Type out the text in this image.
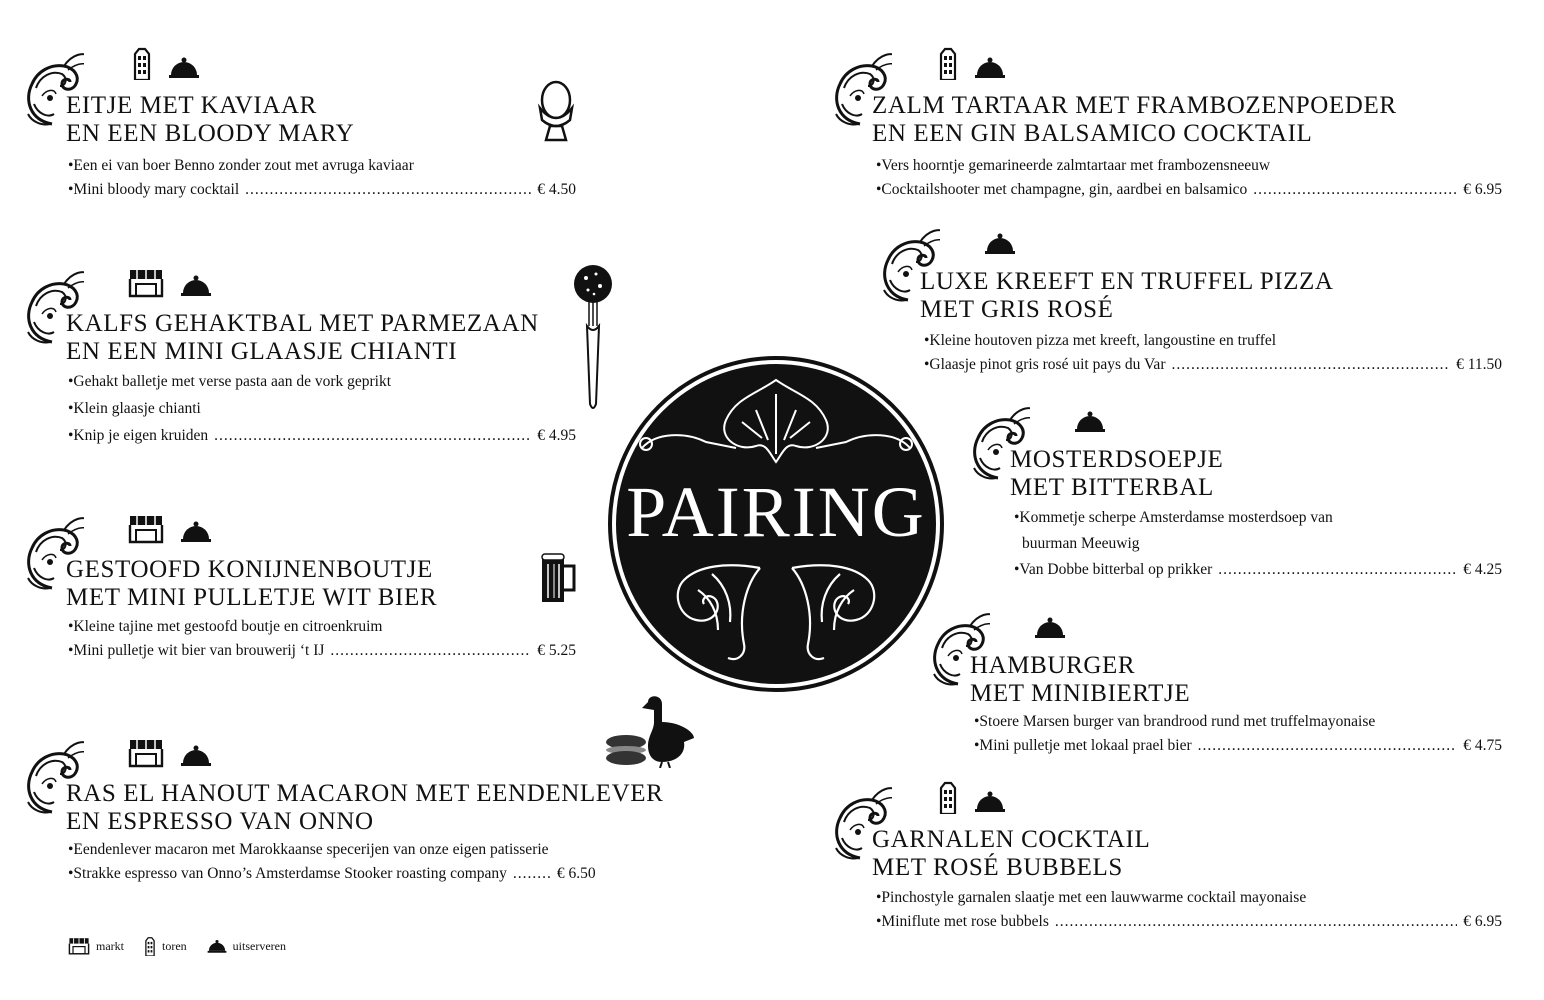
EITJE MET KAVIAAR
EN EEN BLOODY MARY
•Een ei van boer Benno zonder zout met avruga kaviaar
•Mini bloody mary cocktail .....	€ 4.50
KALFS GEHAKTBAL MET PARMEZAAN
EN EEN MINI GLAASJE CHIANTI
•Gehakt balletje met verse pasta aan de vork geprikt
•Klein glaasje chianti
•Knip je eigen kruiden .....	€ 4.95
GESTOOFD KONIJNENBOUTJE
MET MINI PULLETJE WIT BIER
•Kleine tajine met gestoofd boutje en citroenkruim
•Mini pulletje wit bier van brouwerij ‘t IJ .....	€ 5.25
RAS EL HANOUT MACARON MET EENDENLEVER
EN ESPRESSO VAN ONNO
•Eendenlever macaron met Marokkaanse specerijen van onze eigen patisserie
•Strakke espresso van Onno’s Amsterdamse Stooker roasting company .....	€ 6.50
PAIRING
ZALM TARTAAR MET FRAMBOZENPOEDER
EN EEN GIN BALSAMICO COCKTAIL
•Vers hoorntje gemarineerde zalmtartaar met frambozensneeuw
•Cocktailshooter met champagne, gin, aardbei en balsamico .....	€ 6.95
LUXE KREEFT EN TRUFFEL PIZZA
MET GRIS ROSÉ
•Kleine houtoven pizza met kreeft, langoustine en truffel
•Glaasje pinot gris rosé uit pays du Var .....	€ 11.50
MOSTERDSOEPJE
MET BITTERBAL
•Kommetje scherpe Amsterdamse mosterdsoep van
buurman Meeuwig
•Van Dobbe bitterbal op prikker .....	€ 4.25
HAMBURGER
MET MINIBIERTJE
•Stoere Marsen burger van brandrood rund met truffelmayonaise
•Mini pulletje met lokaal prael bier .....	€ 4.75
GARNALEN COCKTAIL
MET ROSÉ BUBBELS
•Pinchostyle garnalen slaatje met een lauwwarme cocktail mayonaise
•Miniflute met rose bubbels .....	€ 6.95
markt	toren	uitserveren
